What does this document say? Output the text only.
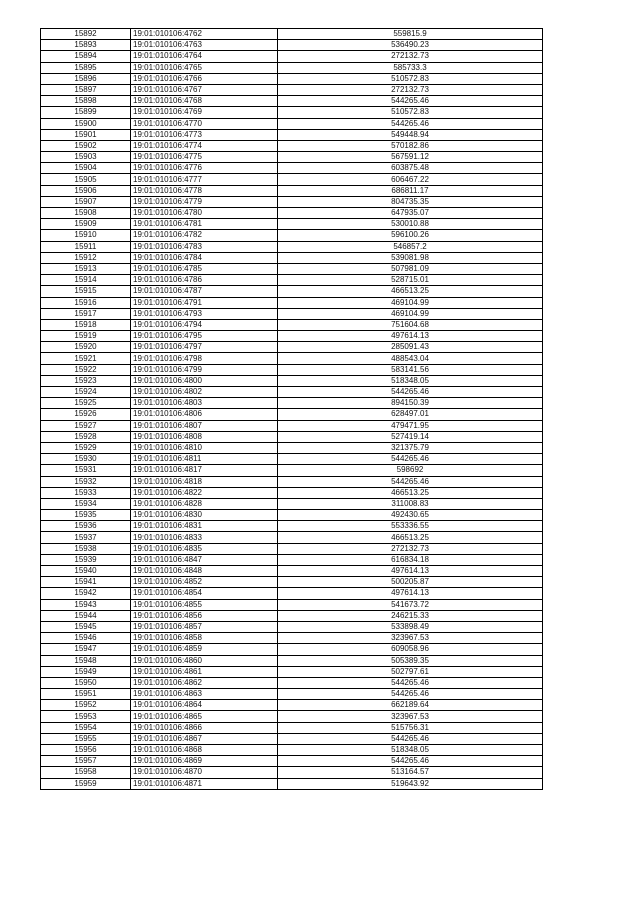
15892	19:01:010106:4762	559815.9
15893	19:01:010106:4763	536490.23
15894	19:01:010106:4764	272132.73
15895	19:01:010106:4765	585733.3
15896	19:01:010106:4766	510572.83
15897	19:01:010106:4767	272132.73
15898	19:01:010106:4768	544265.46
15899	19:01:010106:4769	510572.83
15900	19:01:010106:4770	544265.46
15901	19:01:010106:4773	549448.94
15902	19:01:010106:4774	570182.86
15903	19:01:010106:4775	567591.12
15904	19:01:010106:4776	603875.48
15905	19:01:010106:4777	606467.22
15906	19:01:010106:4778	686811.17
15907	19:01:010106:4779	804735.35
15908	19:01:010106:4780	647935.07
15909	19:01:010106:4781	530010.88
15910	19:01:010106:4782	596100.26
15911	19:01:010106:4783	546857.2
15912	19:01:010106:4784	539081.98
15913	19:01:010106:4785	507981.09
15914	19:01:010106:4786	528715.01
15915	19:01:010106:4787	466513.25
15916	19:01:010106:4791	469104.99
15917	19:01:010106:4793	469104.99
15918	19:01:010106:4794	751604.68
15919	19:01:010106:4795	497614.13
15920	19:01:010106:4797	285091.43
15921	19:01:010106:4798	488543.04
15922	19:01:010106:4799	583141.56
15923	19:01:010106:4800	518348.05
15924	19:01:010106:4802	544265.46
15925	19:01:010106:4803	894150.39
15926	19:01:010106:4806	628497.01
15927	19:01:010106:4807	479471.95
15928	19:01:010106:4808	527419.14
15929	19:01:010106:4810	321375.79
15930	19:01:010106:4811	544265.46
15931	19:01:010106:4817	598692
15932	19:01:010106:4818	544265.46
15933	19:01:010106:4822	466513.25
15934	19:01:010106:4828	311008.83
15935	19:01:010106:4830	492430.65
15936	19:01:010106:4831	553336.55
15937	19:01:010106:4833	466513.25
15938	19:01:010106:4835	272132.73
15939	19:01:010106:4847	616834.18
15940	19:01:010106:4848	497614.13
15941	19:01:010106:4852	500205.87
15942	19:01:010106:4854	497614.13
15943	19:01:010106:4855	541673.72
15944	19:01:010106:4856	246215.33
15945	19:01:010106:4857	533898.49
15946	19:01:010106:4858	323967.53
15947	19:01:010106:4859	609058.96
15948	19:01:010106:4860	505389.35
15949	19:01:010106:4861	502797.61
15950	19:01:010106:4862	544265.46
15951	19:01:010106:4863	544265.46
15952	19:01:010106:4864	662189.64
15953	19:01:010106:4865	323967.53
15954	19:01:010106:4866	515756.31
15955	19:01:010106:4867	544265.46
15956	19:01:010106:4868	518348.05
15957	19:01:010106:4869	544265.46
15958	19:01:010106:4870	513164.57
15959	19:01:010106:4871	519643.92
